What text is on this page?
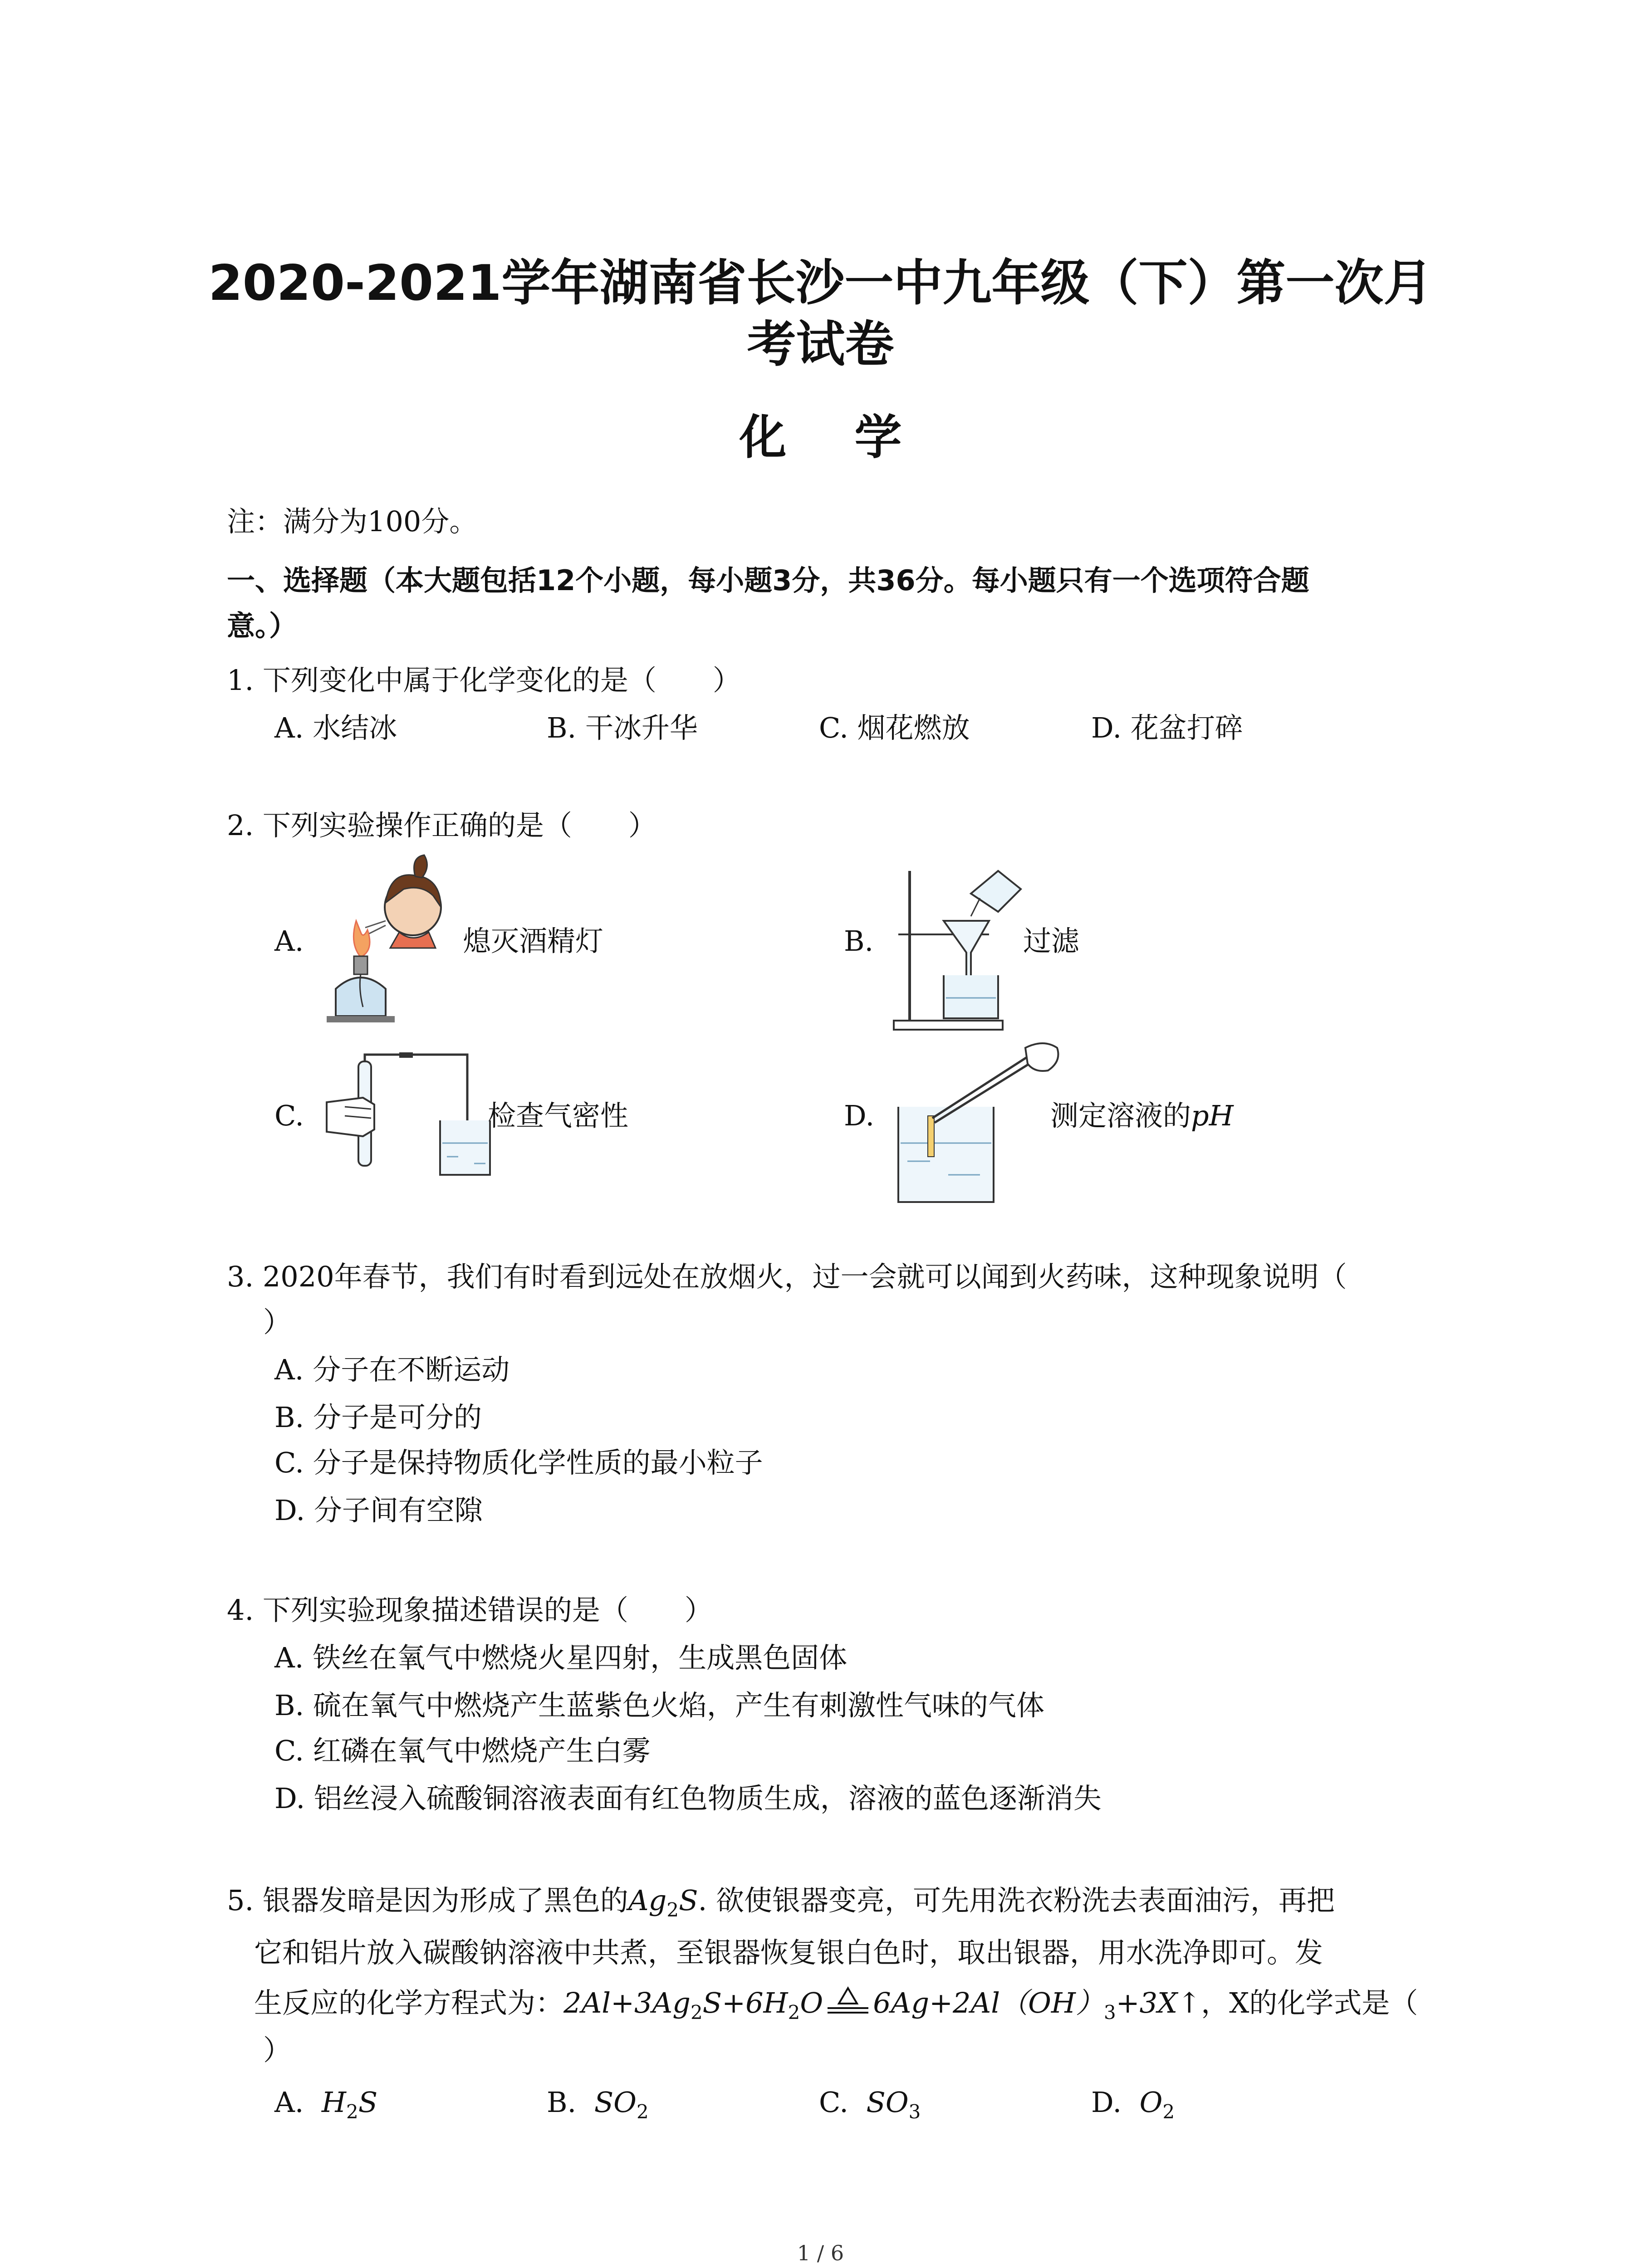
2020-2021学年湖南省长沙一中九年级（下）第一次月
考试卷
化学
注：满分为100分。
一、选择题（本大题包括12个小题，每小题3分，共36分。每小题只有一个选项符合题
意。）
1. 下列变化中属于化学变化的是（　　）
A. 水结冰	B. 干冰升华	C. 烟花燃放	D. 花盆打碎
2. 下列实验操作正确的是（　　）
A.	熄灭酒精灯	B.	过滤
C.	检查气密性	D.	测定溶液的pH
3. 2020年春节，我们有时看到远处在放烟火，过一会就可以闻到火药味，这种现象说明（
）
A. 分子在不断运动
B. 分子是可分的
C. 分子是保持物质化学性质的最小粒子
D. 分子间有空隙
4. 下列实验现象描述错误的是（　　）
A. 铁丝在氧气中燃烧火星四射，生成黑色固体
B. 硫在氧气中燃烧产生蓝紫色火焰，产生有刺激性气味的气体
C. 红磷在氧气中燃烧产生白雾
D. 铝丝浸入硫酸铜溶液表面有红色物质生成，溶液的蓝色逐渐消失
5. 银器发暗是因为形成了黑色的$Ag_2S$. 欲使银器变亮，可先用洗衣粉洗去表面油污，再把
它和铝片放入碳酸钠溶液中共煮，至银器恢复银白色时，取出银器，用水洗净即可。发
生反应的化学方程式为：$2Al+3Ag_2S+6H_2O$ $6Ag+2Al(OH)_3+3X↑$，X的化学式是（
）
A. $H_2S$	B. $SO_2$	C. $SO_3$	D. $O_2$
1 / 6
